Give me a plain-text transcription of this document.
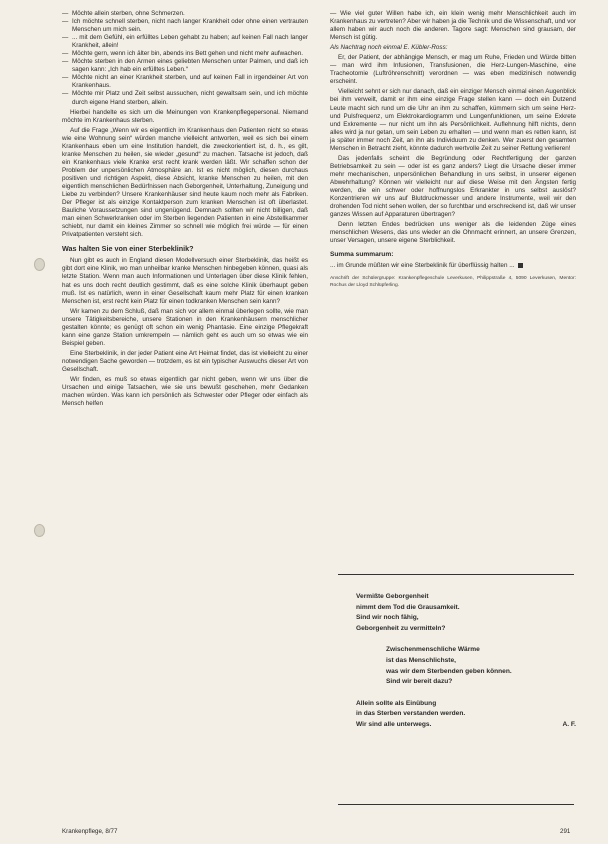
— Möchte allein sterben, ohne Schmerzen.
— Ich möchte schnell sterben, nicht nach langer Krankheit oder ohne einen vertrauten Menschen um mich sein.
— ... mit dem Gefühl, ein erfülltes Leben gehabt zu haben; auf keinen Fall nach langer Krankheit, allein!
— Möchte gern, wenn ich älter bin, abends ins Bett gehen und nicht mehr aufwachen.
— Möchte sterben in den Armen eines geliebten Menschen unter Palmen, und daß ich sagen kann: „Ich hab ein erfülltes Leben.“
— Möchte nicht an einer Krankheit sterben, und auf keinen Fall in irgendeiner Art von Krankenhaus.
— Möchte mir Platz und Zeit selbst aussuchen, nicht gewaltsam sein, und ich möchte durch eigene Hand sterben, allein.

Hierbei handelte es sich um die Meinungen von Krankenpflegepersonal. Niemand möchte im Krankenhaus sterben.

Auf die Frage „Wenn wir es eigentlich im Krankenhaus den Patienten nicht so etwas wie eine Wohnung sein“ würden manche vielleicht antworten, weil es sich bei einem Krankenhaus eben um eine Institution handelt, die zweckorientiert ist, d. h., es gilt, kranke Menschen zu heilen, sie wieder „gesund“ zu machen. Tatsache ist jedoch, daß ein Krankenhaus viele Kranke erst recht krank werden läßt. Wir schaffen schon der Problem der unpersönlichen Atmosphäre an. Ist es nicht möglich, diesen durchaus positiven und richtigen Aspekt, diese Absicht, kranke Menschen zu heilen, mit den eigentlich menschlichen Bedürfnissen nach Geborgenheit, Unterhaltung, Zuneigung und Liebe zu verbinden? Unsere Krankenhäuser sind heute kaum noch mehr als Fabriken. Der Pfleger ist als einzige Kontaktperson zum kranken Menschen ist oft überlastet. Bauliche Voraussetzungen sind ungenügend. Demnach sollten wir nicht billigen, daß man einen Schwerkranken oder im Sterben liegenden Patienten in eine Abstellkammer schiebt, nur damit ein kleines Zimmer so schnell wie möglich frei würde — für einen Privatpatienten versteht sich.

Was halten Sie von einer Sterbeklinik?

Nun gibt es auch in England diesen Modellversuch einer Sterbeklinik, das heißt es gibt dort eine Klinik, wo man unheilbar kranke Menschen hinbegeben können, quasi als letzte Station. Wenn man auch Informationen und Unterlagen über diese Klinik fehlen, hat es uns doch recht deutlich gestimmt, daß es eine solche Klinik überhaupt geben muß. Ist es natürlich, wenn in einer Gesellschaft kaum mehr Platz für einen kranken Menschen ist, erst recht kein Platz für einen todkranken Menschen sein kann?

Wir kamen zu dem Schluß, daß man sich vor allem einmal überlegen sollte, wie man unsere Tätigkeitsbereiche, unsere Stationen in den Krankenhäusern menschlicher gestalten könnte; es genügt oft schon ein wenig Phantasie. Eine einzige Pflegekraft kann eine ganze Station umkrempeln — nämlich geht es auch um so etwas wie ein Beispiel geben.

Eine Sterbeklinik, in der jeder Patient eine Art Heimat findet, das ist vielleicht zu einer notwendigen Sache geworden — trotzdem, es ist ein typischer Auswuchs dieser Art von Gesellschaft.

Wir finden, es muß so etwas eigentlich gar nicht geben, wenn wir uns über die Ursachen und einige Tatsachen, wie sie uns bewußt geschehen, mehr Gedanken machen würden. Was kann ich persönlich als Schwester oder Pfleger oder einfach als Mensch helfen

— Wie viel guter Willen habe ich, ein klein wenig mehr Menschlichkeit auch im Krankenhaus zu vertreten? Aber wir haben ja die Technik und die Wissenschaft, und vor allem haben wir auch noch die anderen. Tagore sagt: Menschen sind grausam, der Mensch ist gütig.

Als Nachtrag noch einmal E. Kübler-Ross:

Er, der Patient, der abhängige Mensch, er mag um Ruhe, Frieden und Würde bitten — man wird ihm Infusionen, Transfusionen, die Herz-Lungen-Maschine, eine Tracheotomie (Luftröhrenschnitt) verordnen — was eben medizinisch notwendig erscheint.

Vielleicht sehnt er sich nur danach, daß ein einziger Mensch einmal einen Augenblick bei ihm verweilt, damit er ihm eine einzige Frage stellen kann — doch ein Dutzend Leute macht sich rund um die Uhr an ihm zu schaffen, kümmern sich um seine Herz- und Pulsfrequenz, um Elektrokardiogramm und Lungenfunktionen, um seine Exkrete und Exkremente — nur nicht um ihn als Persönlichkeit. Auflehnung hilft nichts, denn alles wird ja nur getan, um sein Leben zu erhalten — und wenn man es retten kann, ist ja später immer noch Zeit, an ihn als Individuum zu denken. Wer zuerst den gesamten Menschen in Betracht zieht, könnte dadurch wertvolle Zeit zu seiner Rettung verlieren!

Das jedenfalls scheint die Begründung oder Rechtfertigung der ganzen Betriebsamkeit zu sein — oder ist es ganz anders? Liegt die Ursache dieser immer mehr mechanischen, unpersönlichen Behandlung in uns selbst, in unserer eigenen Abwehrhaltung? Können wir vielleicht nur auf diese Weise mit den Ängsten fertig werden, die ein schwer oder hoffnungslos Erkrankter in uns selbst auslöst? Konzentrieren wir uns auf Blutdruckmesser und andere Instrumente, weil wir den drohenden Tod nicht sehen wollen, der so furchtbar und erschreckend ist, daß wir unser ganzes Wissen auf Apparaturen übertragen?

Denn letzten Endes bedrücken uns weniger als die leidenden Züge eines menschlichen Wesens, das uns wieder an die Ohnmacht erinnert, an unsere Grenzen, unser Versagen, unsere eigene Sterblichkeit.

Summa summarum:

... im Grunde müßten wir eine Sterbeklinik für überflüssig halten ...

Anschrift der Schülergruppe: Krankenpflegeschule Leverkusen, Philippstraße 4, 5090 Leverkusen, Mentor: Rochus der Lloyd Schlüpferling.
Vermißte Geborgenheit
nimmt dem Tod die Grausamkeit.
Sind wir noch fähig,
Geborgenheit zu vermitteln?
Zwischenmenschliche Wärme
ist das Menschlichste,
was wir dem Sterbenden geben können.
Sind wir bereit dazu?
Allein sollte als Einübung
in das Sterben verstanden werden.
Wir sind alle unterwegs.	A. F.
Krankenpflege, 8/77	291
